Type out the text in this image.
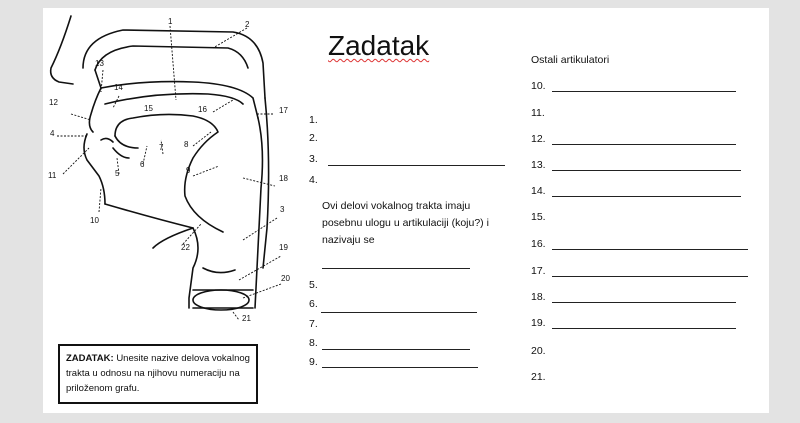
1	2
3
4
5
6
7	8
9
10
11
12
13
14
15	16	17
18
19
20
21
22
ZADATAK: Unesite nazive delova vokalnog trakta u odnosu na njihovu numeraciju na priloženom grafu.
Zadatak
1.
2.
3.
4.
Ovi delovi vokalnog trakta imaju posebnu ulogu u artikulaciji (koju?) i nazivaju se
5.
6.
7.
8.
9.
Ostali artikulatori
10.
11.
12.
13.
14.
15.
16.
17.
18.
19.
20.
21.
